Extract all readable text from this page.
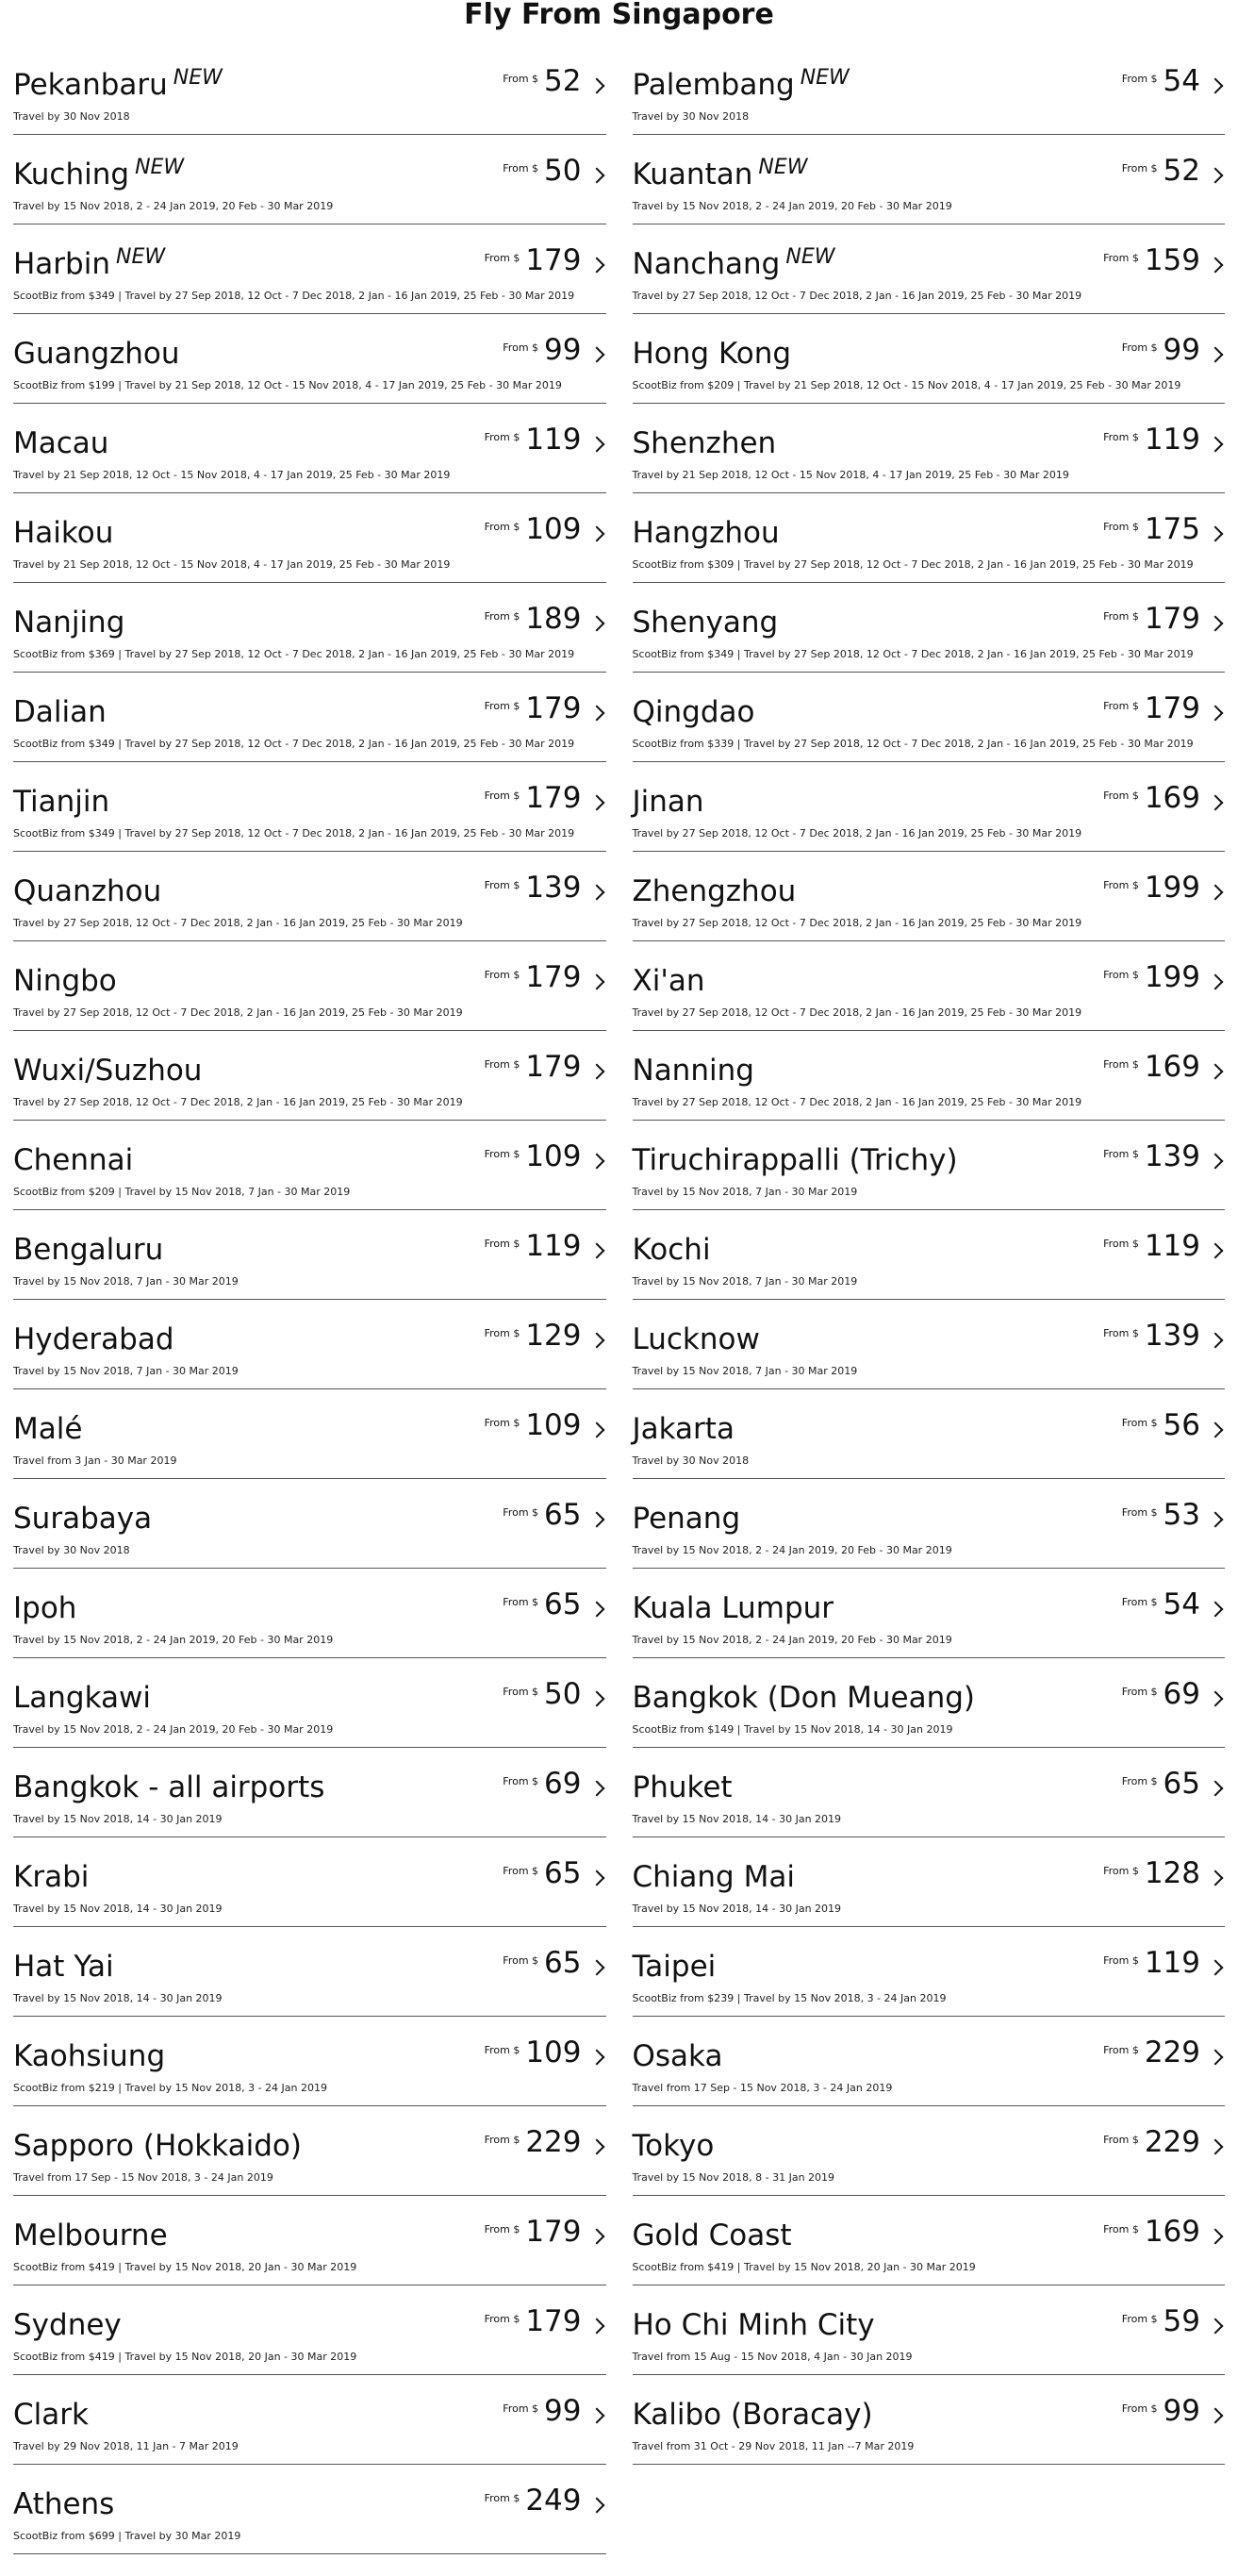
Fly From Singapore
Pekanbaru $^{NEW}$
Travel by 30 Nov 2018
From $ 52 Palembang $^{NEW}$
Travel by 30 Nov 2018
From $ 54
Kuching $^{NEW}$
Travel by 15 Nov 2018, 2 - 24 Jan 2019, 20 Feb - 30 Mar 2019
From $ 50 Kuantan $^{NEW}$
Travel by 15 Nov 2018, 2 - 24 Jan 2019, 20 Feb - 30 Mar 2019
From $ 52
Harbin $^{NEW}$
ScootBiz from $349 | Travel by 27 Sep 2018, 12 Oct - 7 Dec 2018, 2 Jan - 16 Jan 2019, 25 Feb - 30 Mar 2019
From $ 179 Nanchang $^{NEW}$
Travel by 27 Sep 2018, 12 Oct - 7 Dec 2018, 2 Jan - 16 Jan 2019, 25 Feb - 30 Mar 2019
From $ 159
Guangzhou
ScootBiz from $199 | Travel by 21 Sep 2018, 12 Oct - 15 Nov 2018, 4 - 17 Jan 2019, 25 Feb - 30 Mar 2019
From $ 99 Hong Kong
ScootBiz from $209 | Travel by 21 Sep 2018, 12 Oct - 15 Nov 2018, 4 - 17 Jan 2019, 25 Feb - 30 Mar 2019
From $ 99
Macau
Travel by 21 Sep 2018, 12 Oct - 15 Nov 2018, 4 - 17 Jan 2019, 25 Feb - 30 Mar 2019
From $ 119 Shenzhen
Travel by 21 Sep 2018, 12 Oct - 15 Nov 2018, 4 - 17 Jan 2019, 25 Feb - 30 Mar 2019
From $ 119
Haikou
Travel by 21 Sep 2018, 12 Oct - 15 Nov 2018, 4 - 17 Jan 2019, 25 Feb - 30 Mar 2019
From $ 109 Hangzhou
ScootBiz from $309 | Travel by 27 Sep 2018, 12 Oct - 7 Dec 2018, 2 Jan - 16 Jan 2019, 25 Feb - 30 Mar 2019
From $ 175
Nanjing
ScootBiz from $369 | Travel by 27 Sep 2018, 12 Oct - 7 Dec 2018, 2 Jan - 16 Jan 2019, 25 Feb - 30 Mar 2019
From $ 189 Shenyang
ScootBiz from $349 | Travel by 27 Sep 2018, 12 Oct - 7 Dec 2018, 2 Jan - 16 Jan 2019, 25 Feb - 30 Mar 2019
From $ 179
Dalian
ScootBiz from $349 | Travel by 27 Sep 2018, 12 Oct - 7 Dec 2018, 2 Jan - 16 Jan 2019, 25 Feb - 30 Mar 2019
From $ 179 Qingdao
ScootBiz from $339 | Travel by 27 Sep 2018, 12 Oct - 7 Dec 2018, 2 Jan - 16 Jan 2019, 25 Feb - 30 Mar 2019
From $ 179
Tianjin
ScootBiz from $349 | Travel by 27 Sep 2018, 12 Oct - 7 Dec 2018, 2 Jan - 16 Jan 2019, 25 Feb - 30 Mar 2019
From $ 179 Jinan
Travel by 27 Sep 2018, 12 Oct - 7 Dec 2018, 2 Jan - 16 Jan 2019, 25 Feb - 30 Mar 2019
From $ 169
Quanzhou
Travel by 27 Sep 2018, 12 Oct - 7 Dec 2018, 2 Jan - 16 Jan 2019, 25 Feb - 30 Mar 2019
From $ 139 Zhengzhou
Travel by 27 Sep 2018, 12 Oct - 7 Dec 2018, 2 Jan - 16 Jan 2019, 25 Feb - 30 Mar 2019
From $ 199
Ningbo
Travel by 27 Sep 2018, 12 Oct - 7 Dec 2018, 2 Jan - 16 Jan 2019, 25 Feb - 30 Mar 2019
From $ 179 Xi'an
Travel by 27 Sep 2018, 12 Oct - 7 Dec 2018, 2 Jan - 16 Jan 2019, 25 Feb - 30 Mar 2019
From $ 199
Wuxi/Suzhou
Travel by 27 Sep 2018, 12 Oct - 7 Dec 2018, 2 Jan - 16 Jan 2019, 25 Feb - 30 Mar 2019
From $ 179 Nanning
Travel by 27 Sep 2018, 12 Oct - 7 Dec 2018, 2 Jan - 16 Jan 2019, 25 Feb - 30 Mar 2019
From $ 169
Chennai
ScootBiz from $209 | Travel by 15 Nov 2018, 7 Jan - 30 Mar 2019
From $ 109 Tiruchirappalli (Trichy)
Travel by 15 Nov 2018, 7 Jan - 30 Mar 2019
From $ 139
Bengaluru
Travel by 15 Nov 2018, 7 Jan - 30 Mar 2019
From $ 119 Kochi
Travel by 15 Nov 2018, 7 Jan - 30 Mar 2019
From $ 119
Hyderabad
Travel by 15 Nov 2018, 7 Jan - 30 Mar 2019
From $ 129 Lucknow
Travel by 15 Nov 2018, 7 Jan - 30 Mar 2019
From $ 139
Malé
Travel from 3 Jan - 30 Mar 2019
From $ 109 Jakarta
Travel by 30 Nov 2018
From $ 56
Surabaya
Travel by 30 Nov 2018
From $ 65 Penang
Travel by 15 Nov 2018, 2 - 24 Jan 2019, 20 Feb - 30 Mar 2019
From $ 53
Ipoh
Travel by 15 Nov 2018, 2 - 24 Jan 2019, 20 Feb - 30 Mar 2019
From $ 65 Kuala Lumpur
Travel by 15 Nov 2018, 2 - 24 Jan 2019, 20 Feb - 30 Mar 2019
From $ 54
Langkawi
Travel by 15 Nov 2018, 2 - 24 Jan 2019, 20 Feb - 30 Mar 2019
From $ 50 Bangkok (Don Mueang)
ScootBiz from $149 | Travel by 15 Nov 2018, 14 - 30 Jan 2019
From $ 69
Bangkok - all airports
Travel by 15 Nov 2018, 14 - 30 Jan 2019
From $ 69 Phuket
Travel by 15 Nov 2018, 14 - 30 Jan 2019
From $ 65
Krabi
Travel by 15 Nov 2018, 14 - 30 Jan 2019
From $ 65 Chiang Mai
Travel by 15 Nov 2018, 14 - 30 Jan 2019
From $ 128
Hat Yai
Travel by 15 Nov 2018, 14 - 30 Jan 2019
From $ 65 Taipei
ScootBiz from $239 | Travel by 15 Nov 2018, 3 - 24 Jan 2019
From $ 119
Kaohsiung
ScootBiz from $219 | Travel by 15 Nov 2018, 3 - 24 Jan 2019
From $ 109 Osaka
Travel from 17 Sep - 15 Nov 2018, 3 - 24 Jan 2019
From $ 229
Sapporo (Hokkaido)
Travel from 17 Sep - 15 Nov 2018, 3 - 24 Jan 2019
From $ 229 Tokyo
Travel by 15 Nov 2018, 8 - 31 Jan 2019
From $ 229
Melbourne
ScootBiz from $419 | Travel by 15 Nov 2018, 20 Jan - 30 Mar 2019
From $ 179 Gold Coast
ScootBiz from $419 | Travel by 15 Nov 2018, 20 Jan - 30 Mar 2019
From $ 169
Sydney
ScootBiz from $419 | Travel by 15 Nov 2018, 20 Jan - 30 Mar 2019
From $ 179 Ho Chi Minh City
Travel from 15 Aug - 15 Nov 2018, 4 Jan - 30 Jan 2019
From $ 59
Clark
Travel by 29 Nov 2018, 11 Jan - 7 Mar 2019
From $ 99 Kalibo (Boracay)
Travel from 31 Oct - 29 Nov 2018, 11 Jan --7 Mar 2019
From $ 99
Athens
ScootBiz from $699 | Travel by 30 Mar 2019
From $ 249
